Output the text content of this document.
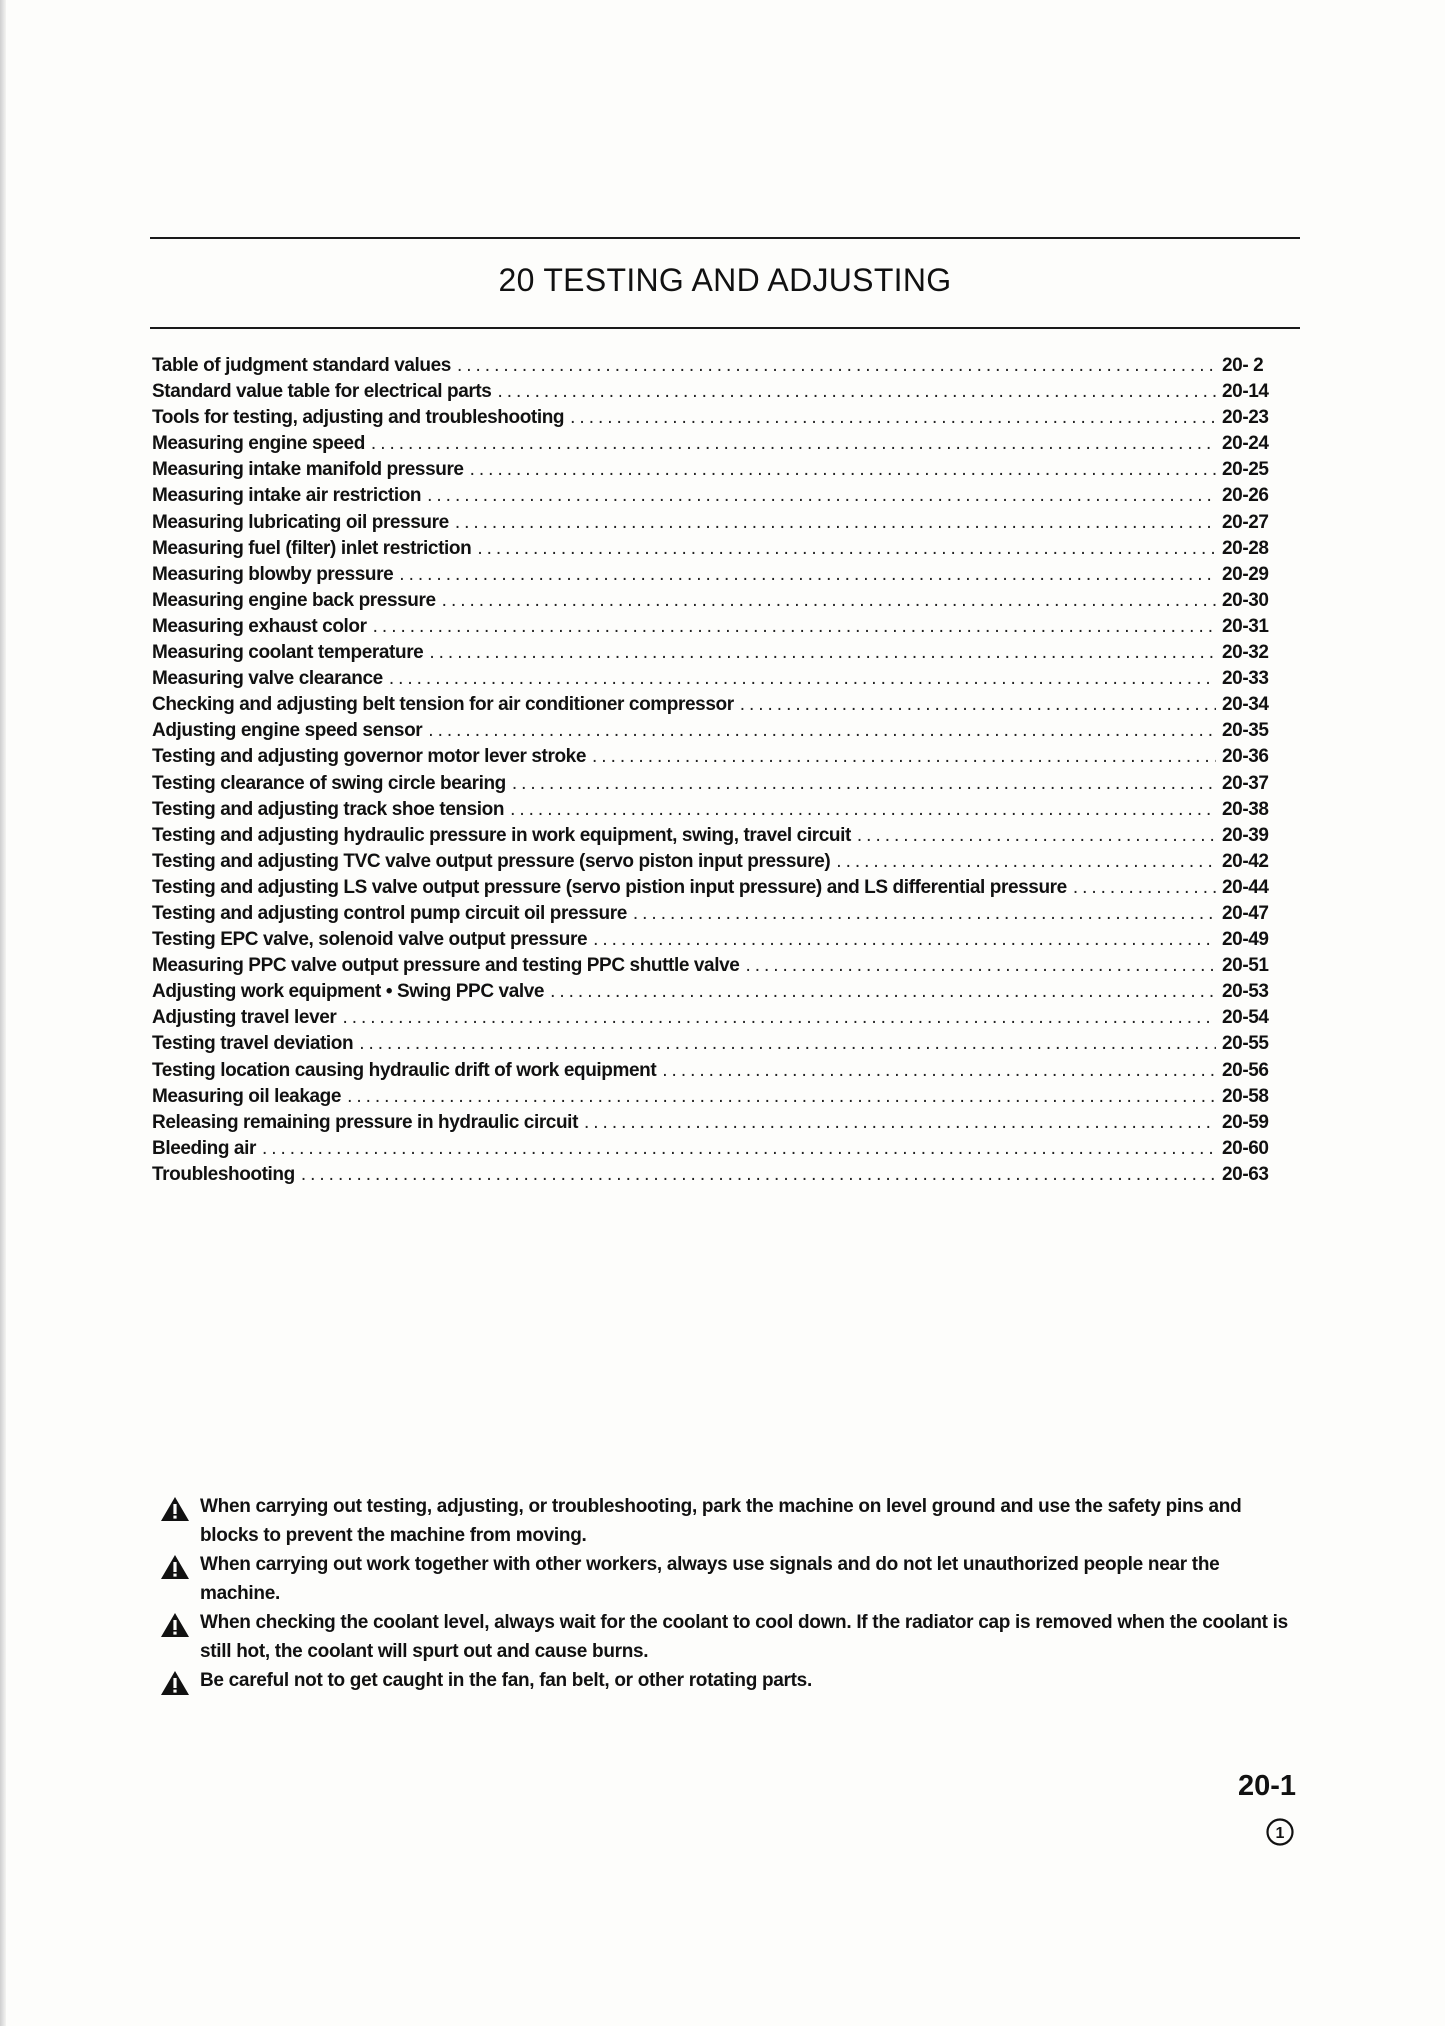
20 TESTING AND ADJUSTING
Table of judgment standard values .....	20- 2
Standard value table for electrical parts .....	20-14
Tools for testing, adjusting and troubleshooting .....	20-23
Measuring engine speed .....	20-24
Measuring intake manifold pressure .....	20-25
Measuring intake air restriction .....	20-26
Measuring lubricating oil pressure .....	20-27
Measuring fuel (filter) inlet restriction .....	20-28
Measuring blowby pressure .....	20-29
Measuring engine back pressure .....	20-30
Measuring exhaust color .....	20-31
Measuring coolant temperature .....	20-32
Measuring valve clearance .....	20-33
Checking and adjusting belt tension for air conditioner compressor .....	20-34
Adjusting engine speed sensor .....	20-35
Testing and adjusting governor motor lever stroke .....	20-36
Testing clearance of swing circle bearing .....	20-37
Testing and adjusting track shoe tension .....	20-38
Testing and adjusting hydraulic pressure in work equipment, swing, travel circuit .....	20-39
Testing and adjusting TVC valve output pressure (servo piston input pressure) .....	20-42
Testing and adjusting LS valve output pressure (servo pistion input pressure) and LS differential pressure .....	20-44
Testing and adjusting control pump circuit oil pressure .....	20-47
Testing EPC valve, solenoid valve output pressure .....	20-49
Measuring PPC valve output pressure and testing PPC shuttle valve .....	20-51
Adjusting work equipment • Swing PPC valve .....	20-53
Adjusting travel lever .....	20-54
Testing travel deviation .....	20-55
Testing location causing hydraulic drift of work equipment .....	20-56
Measuring oil leakage .....	20-58
Releasing remaining pressure in hydraulic circuit .....	20-59
Bleeding air .....	20-60
Troubleshooting .....	20-63
When carrying out testing, adjusting, or troubleshooting, park the machine on level ground and use the safety pins and blocks to prevent the machine from moving.
When carrying out work together with other workers, always use signals and do not let unauthorized people near the machine.
When checking the coolant level, always wait for the coolant to cool down. If the radiator cap is removed when the coolant is still hot, the coolant will spurt out and cause burns.
Be careful not to get caught in the fan, fan belt, or other rotating parts.
20-1
1
